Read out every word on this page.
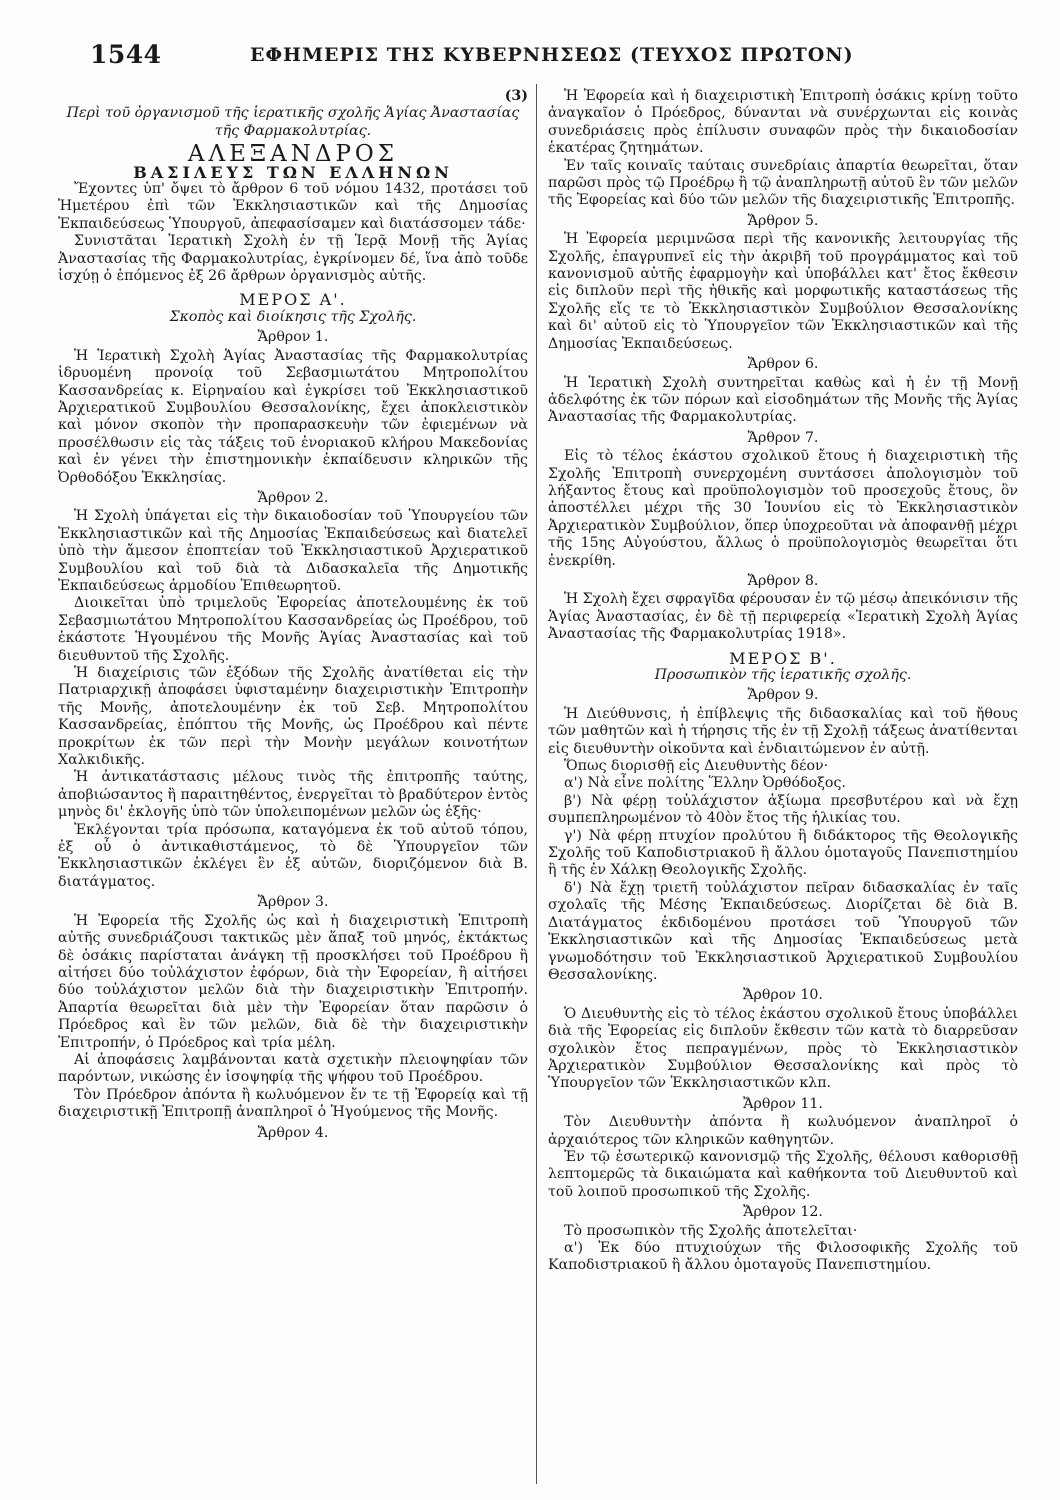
1544	ΕΦΗΜΕΡΙΣ ΤΗΣ ΚΥΒΕΡΝΗΣΕΩΣ (ΤΕΥΧΟΣ ΠΡΩΤΟΝ)

(3)

Περὶ τοῦ ὀργανισμοῦ τῆς ἱερατικῆς σχολῆς Ἁγίας Ἀναστασίας τῆς Φαρμακολυτρίας.

ΑΛΕΞΑΝΔΡΟΣ

ΒΑΣΙΛΕΥΣ ΤΩΝ ΕΛΛΗΝΩΝ

Ἔχοντες ὑπ' ὄψει τὸ ἄρθρον 6 τοῦ νόμου 1432, προτάσει τοῦ Ἡμετέρου ἐπὶ τῶν Ἐκκλησιαστικῶν καὶ τῆς Δημοσίας Ἐκπαιδεύσεως Ὑπουργοῦ, ἀπεφασίσαμεν καὶ διατάσσομεν τάδε·

Συνιστᾶται Ἱερατικὴ Σχολὴ ἐν τῇ Ἱερᾷ Μονῇ τῆς Ἁγίας Ἀναστασίας τῆς Φαρμακολυτρίας, ἐγκρίνομεν δέ, ἵνα ἀπὸ τοῦδε ἰσχύῃ ὁ ἑπόμενος ἐξ 26 ἄρθρων ὀργανισμὸς αὐτῆς.

ΜΕΡΟΣ Α'.

Σκοπὸς καὶ διοίκησις τῆς Σχολῆς.

Ἄρθρον 1.

Ἡ Ἱερατικὴ Σχολὴ Ἁγίας Ἀναστασίας τῆς Φαρμακολυτρίας ἱδρυομένη προνοίᾳ τοῦ Σεβασμιωτάτου Μητροπολίτου Κασσανδρείας κ. Εἰρηναίου καὶ ἐγκρίσει τοῦ Ἐκκλησιαστικοῦ Ἀρχιερατικοῦ Συμβουλίου Θεσσαλονίκης, ἔχει ἀποκλειστικὸν καὶ μόνον σκοπὸν τὴν προπαρασκευὴν τῶν ἐφιεμένων νὰ προσέλθωσιν εἰς τὰς τάξεις τοῦ ἐνοριακοῦ κλήρου Μακεδονίας καὶ ἐν γένει τὴν ἐπιστημονικὴν ἐκπαίδευσιν κληρικῶν τῆς Ὀρθοδόξου Ἐκκλησίας.

Ἄρθρον 2.

Ἡ Σχολὴ ὑπάγεται εἰς τὴν δικαιοδοσίαν τοῦ Ὑπουργείου τῶν Ἐκκλησιαστικῶν καὶ τῆς Δημοσίας Ἐκπαιδεύσεως καὶ διατελεῖ ὑπὸ τὴν ἄμεσον ἐποπτείαν τοῦ Ἐκκλησιαστικοῦ Ἀρχιερατικοῦ Συμβουλίου καὶ τοῦ διὰ τὰ Διδασκαλεῖα τῆς Δημοτικῆς Ἐκπαιδεύσεως ἁρμοδίου Ἐπιθεωρητοῦ.

Διοικεῖται ὑπὸ τριμελοῦς Ἐφορείας ἀποτελουμένης ἐκ τοῦ Σεβασμιωτάτου Μητροπολίτου Κασσανδρείας ὡς Προέδρου, τοῦ ἑκάστοτε Ἡγουμένου τῆς Μονῆς Ἁγίας Ἀναστασίας καὶ τοῦ διευθυντοῦ τῆς Σχολῆς.

Ἡ διαχείρισις τῶν ἐξόδων τῆς Σχολῆς ἀνατίθεται εἰς τὴν Πατριαρχικῇ ἀποφάσει ὑφισταμένην διαχειριστικὴν Ἐπιτροπὴν τῆς Μονῆς, ἀποτελουμένην ἐκ τοῦ Σεβ. Μητροπολίτου Κασσανδρείας, ἐπόπτου τῆς Μονῆς, ὡς Προέδρου καὶ πέντε προκρίτων ἐκ τῶν περὶ τὴν Μονὴν μεγάλων κοινοτήτων Χαλκιδικῆς.

Ἡ ἀντικατάστασις μέλους τινὸς τῆς ἐπιτροπῆς ταύτης, ἀποβιώσαντος ἢ παραιτηθέντος, ἐνεργεῖται τὸ βραδύτερον ἐντὸς μηνὸς δι' ἐκλογῆς ὑπὸ τῶν ὑπολειπομένων μελῶν ὡς ἑξῆς·

Ἐκλέγονται τρία πρόσωπα, καταγόμενα ἐκ τοῦ αὐτοῦ τόπου, ἐξ οὗ ὁ ἀντικαθιστάμενος, τὸ δὲ Ὑπουργεῖον τῶν Ἐκκλησιαστικῶν ἐκλέγει ἓν ἐξ αὐτῶν, διοριζόμενον διὰ Β. διατάγματος.

Ἄρθρον 3.

Ἡ Ἐφορεία τῆς Σχολῆς ὡς καὶ ἡ διαχειριστικὴ Ἐπιτροπὴ αὐτῆς συνεδριάζουσι τακτικῶς μὲν ἅπαξ τοῦ μηνός, ἐκτάκτως δὲ ὁσάκις παρίσταται ἀνάγκη τῇ προσκλήσει τοῦ Προέδρου ἢ αἰτήσει δύο τοὐλάχιστον ἐφόρων, διὰ τὴν Ἐφορείαν, ἢ αἰτήσει δύο τοὐλάχιστον μελῶν διὰ τὴν διαχειριστικὴν Ἐπιτροπήν. Ἀπαρτία θεωρεῖται διὰ μὲν τὴν Ἐφορείαν ὅταν παρῶσιν ὁ Πρόεδρος καὶ ἓν τῶν μελῶν, διὰ δὲ τὴν διαχειριστικὴν Ἐπιτροπήν, ὁ Πρόεδρος καὶ τρία μέλη.

Αἱ ἀποφάσεις λαμβάνονται κατὰ σχετικὴν πλειοψηφίαν τῶν παρόντων, νικώσης ἐν ἰσοψηφίᾳ τῆς ψήφου τοῦ Προέδρου.

Τὸν Πρόεδρον ἀπόντα ἢ κωλυόμενον ἔν τε τῇ Ἐφορείᾳ καὶ τῇ διαχειριστικῇ Ἐπιτροπῇ ἀναπληροῖ ὁ Ἡγούμενος τῆς Μονῆς.

Ἄρθρον 4.

Ἡ Ἐφορεία καὶ ἡ διαχειριστικὴ Ἐπιτροπὴ ὁσάκις κρίνῃ τοῦτο ἀναγκαῖον ὁ Πρόεδρος, δύνανται νὰ συνέρχωνται εἰς κοινὰς συνεδριάσεις πρὸς ἐπίλυσιν συναφῶν πρὸς τὴν δικαιοδοσίαν ἑκατέρας ζητημάτων.

Ἐν ταῖς κοιναῖς ταύταις συνεδρίαις ἀπαρτία θεωρεῖται, ὅταν παρῶσι πρὸς τῷ Προέδρῳ ἢ τῷ ἀναπληρωτῇ αὐτοῦ ἓν τῶν μελῶν τῆς Ἐφορείας καὶ δύο τῶν μελῶν τῆς διαχειριστικῆς Ἐπιτροπῆς.

Ἄρθρον 5.

Ἡ Ἐφορεία μεριμνῶσα περὶ τῆς κανονικῆς λειτουργίας τῆς Σχολῆς, ἐπαγρυπνεῖ εἰς τὴν ἀκριβῆ τοῦ προγράμματος καὶ τοῦ κανονισμοῦ αὐτῆς ἐφαρμογὴν καὶ ὑποβάλλει κατ' ἔτος ἔκθεσιν εἰς διπλοῦν περὶ τῆς ἠθικῆς καὶ μορφωτικῆς καταστάσεως τῆς Σχολῆς εἴς τε τὸ Ἐκκλησιαστικὸν Συμβούλιον Θεσσαλονίκης καὶ δι' αὐτοῦ εἰς τὸ Ὑπουργεῖον τῶν Ἐκκλησιαστικῶν καὶ τῆς Δημοσίας Ἐκπαιδεύσεως.

Ἄρθρον 6.

Ἡ Ἱερατικὴ Σχολὴ συντηρεῖται καθὼς καὶ ἡ ἐν τῇ Μονῇ ἀδελφότης ἐκ τῶν πόρων καὶ εἰσοδημάτων τῆς Μονῆς τῆς Ἁγίας Ἀναστασίας τῆς Φαρμακολυτρίας.

Ἄρθρον 7.

Εἰς τὸ τέλος ἑκάστου σχολικοῦ ἔτους ἡ διαχειριστικὴ τῆς Σχολῆς Ἐπιτροπὴ συνερχομένη συντάσσει ἀπολογισμὸν τοῦ λήξαντος ἔτους καὶ προϋπολογισμὸν τοῦ προσεχοῦς ἔτους, ὃν ἀποστέλλει μέχρι τῆς 30 Ἰουνίου εἰς τὸ Ἐκκλησιαστικὸν Ἀρχιερατικὸν Συμβούλιον, ὅπερ ὑποχρεοῦται νὰ ἀποφανθῇ μέχρι τῆς 15ης Αὐγούστου, ἄλλως ὁ προϋπολογισμὸς θεωρεῖται ὅτι ἐνεκρίθη.

Ἄρθρον 8.

Ἡ Σχολὴ ἔχει σφραγῖδα φέρουσαν ἐν τῷ μέσῳ ἀπεικόνισιν τῆς Ἁγίας Ἀναστασίας, ἐν δὲ τῇ περιφερείᾳ «Ἱερατικὴ Σχολὴ Ἁγίας Ἀναστασίας τῆς Φαρμακολυτρίας 1918».

ΜΕΡΟΣ Β'.

Προσωπικὸν τῆς ἱερατικῆς σχολῆς.

Ἄρθρον 9.

Ἡ Διεύθυνσις, ἡ ἐπίβλεψις τῆς διδασκαλίας καὶ τοῦ ἤθους τῶν μαθητῶν καὶ ἡ τήρησις τῆς ἐν τῇ Σχολῇ τάξεως ἀνατίθενται εἰς διευθυντὴν οἰκοῦντα καὶ ἐνδιαιτώμενον ἐν αὐτῇ.

Ὅπως διορισθῇ εἰς Διευθυντὴς δέον·

α') Νὰ εἶνε πολίτης Ἕλλην Ὀρθόδοξος.

β') Νὰ φέρῃ τοὐλάχιστον ἀξίωμα πρεσβυτέρου καὶ νὰ ἔχῃ συμπεπληρωμένον τὸ 40ὸν ἔτος τῆς ἡλικίας του.

γ') Νὰ φέρῃ πτυχίον προλύτου ἢ διδάκτορος τῆς Θεολογικῆς Σχολῆς τοῦ Καποδιστριακοῦ ἢ ἄλλου ὁμοταγοῦς Πανεπιστημίου ἢ τῆς ἐν Χάλκῃ Θεολογικῆς Σχολῆς.

δ') Νὰ ἔχῃ τριετῆ τοὐλάχιστον πεῖραν διδασκαλίας ἐν ταῖς σχολαῖς τῆς Μέσης Ἐκπαιδεύσεως. Διορίζεται δὲ διὰ Β. Διατάγματος ἐκδιδομένου προτάσει τοῦ Ὑπουργοῦ τῶν Ἐκκλησιαστικῶν καὶ τῆς Δημοσίας Ἐκπαιδεύσεως μετὰ γνωμοδότησιν τοῦ Ἐκκλησιαστικοῦ Ἀρχιερατικοῦ Συμβουλίου Θεσσαλονίκης.

Ἄρθρον 10.

Ὁ Διευθυντὴς εἰς τὸ τέλος ἑκάστου σχολικοῦ ἔτους ὑποβάλλει διὰ τῆς Ἐφορείας εἰς διπλοῦν ἔκθεσιν τῶν κατὰ τὸ διαρρεῦσαν σχολικὸν ἔτος πεπραγμένων, πρὸς τὸ Ἐκκλησιαστικὸν Ἀρχιερατικὸν Συμβούλιον Θεσσαλονίκης καὶ πρὸς τὸ Ὑπουργεῖον τῶν Ἐκκλησιαστικῶν κλπ.

Ἄρθρον 11.

Τὸν Διευθυντὴν ἀπόντα ἢ κωλυόμενον ἀναπληροῖ ὁ ἀρχαιότερος τῶν κληρικῶν καθηγητῶν.

Ἐν τῷ ἐσωτερικῷ κανονισμῷ τῆς Σχολῆς, θέλουσι καθορισθῇ λεπτομερῶς τὰ δικαιώματα καὶ καθήκοντα τοῦ Διευθυντοῦ καὶ τοῦ λοιποῦ προσωπικοῦ τῆς Σχολῆς.

Ἄρθρον 12.

Τὸ προσωπικὸν τῆς Σχολῆς ἀποτελεῖται·

α') Ἐκ δύο πτυχιούχων τῆς Φιλοσοφικῆς Σχολῆς τοῦ Καποδιστριακοῦ ἢ ἄλλου ὁμοταγοῦς Πανεπιστημίου.
